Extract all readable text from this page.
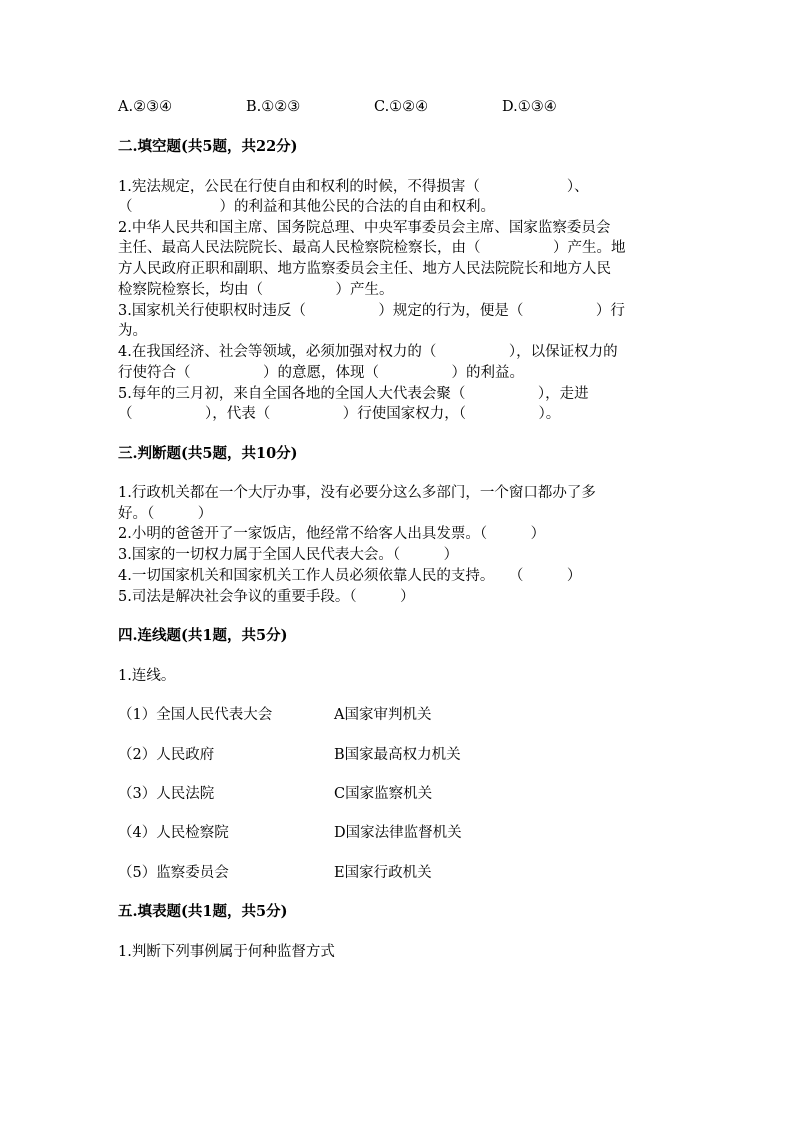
A.②③④	B.①②③	C.①②④	D.①③④
二.填空题(共5题，共22分)
1.宪法规定，公民在行使自由和权利的时候，不得损害（　　　　　　）、
（　　　　　　）的利益和其他公民的合法的自由和权利。
2.中华人民共和国主席、国务院总理、中央军事委员会主席、国家监察委员会
主任、最高人民法院院长、最高人民检察院检察长，由（　　　　　）产生。地
方人民政府正职和副职、地方监察委员会主任、地方人民法院院长和地方人民
检察院检察长，均由（　　　　　）产生。
3.国家机关行使职权时违反（　　　　　）规定的行为，便是（　　　　　）行
为。
4.在我国经济、社会等领域，必须加强对权力的（　　　　　），以保证权力的
行使符合（　　　　　）的意愿，体现（　　　　　）的利益。
5.每年的三月初，来自全国各地的全国人大代表会聚（　　　　　），走进
（　　　　　），代表（　　　　　）行使国家权力，（　　　　　）。
三.判断题(共5题，共10分)
1.行政机关都在一个大厅办事，没有必要分这么多部门，一个窗口都办了多
好。（　　　）
2.小明的爸爸开了一家饭店，他经常不给客人出具发票。（　　　）
3.国家的一切权力属于全国人民代表大会。（　　　）
4.一切国家机关和国家机关工作人员必须依靠人民的支持。　　（　　　）
5.司法是解决社会争议的重要手段。（　　　）
四.连线题(共1题，共5分)
1.连线。
（1）全国人民代表大会	A国家审判机关
（2）人民政府	B国家最高权力机关
（3）人民法院	C国家监察机关
（4）人民检察院	D国家法律监督机关
（5）监察委员会	E国家行政机关
五.填表题(共1题，共5分)
1.判断下列事例属于何种监督方式
